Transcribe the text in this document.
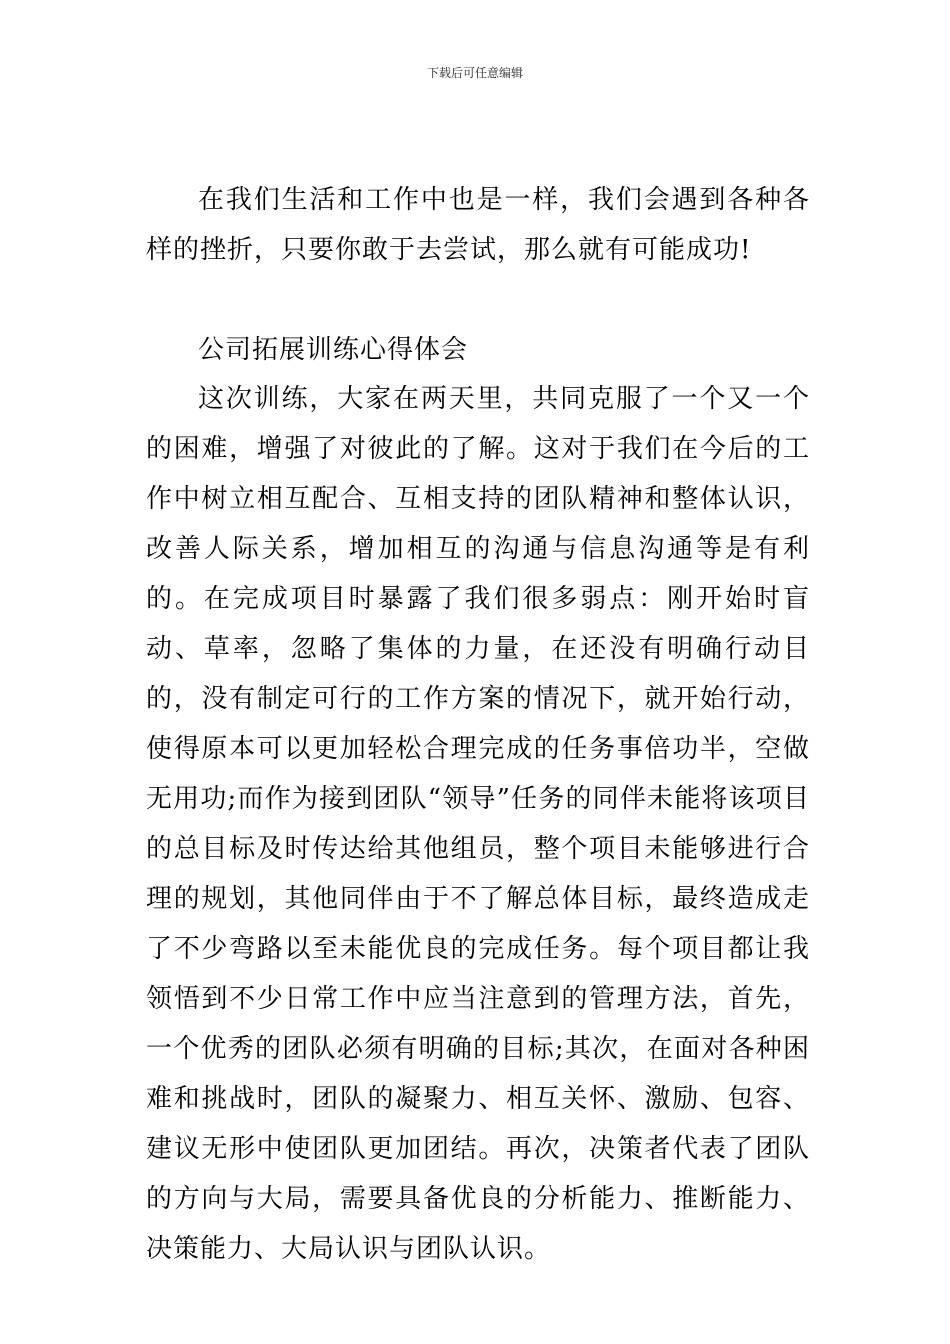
下载后可任意编辑

在我们生活和工作中也是一样，我们会遇到各种各样的挫折，只要你敢于去尝试，那么就有可能成功!

公司拓展训练心得体会

这次训练，大家在两天里，共同克服了一个又一个的困难，增强了对彼此的了解。这对于我们在今后的工作中树立相互配合、互相支持的团队精神和整体认识，改善人际关系，增加相互的沟通与信息沟通等是有利的。在完成项目时暴露了我们很多弱点：刚开始时盲动、草率，忽略了集体的力量，在还没有明确行动目的，没有制定可行的工作方案的情况下，就开始行动，使得原本可以更加轻松合理完成的任务事倍功半，空做无用功;而作为接到团队“领导”任务的同伴未能将该项目的总目标及时传达给其他组员，整个项目未能够进行合理的规划，其他同伴由于不了解总体目标，最终造成走了不少弯路以至未能优良的完成任务。每个项目都让我领悟到不少日常工作中应当注意到的管理方法，首先，一个优秀的团队必须有明确的目标;其次，在面对各种困难和挑战时，团队的凝聚力、相互关怀、激励、包容、建议无形中使团队更加团结。再次，决策者代表了团队的方向与大局，需要具备优良的分析能力、推断能力、决策能力、大局认识与团队认识。
